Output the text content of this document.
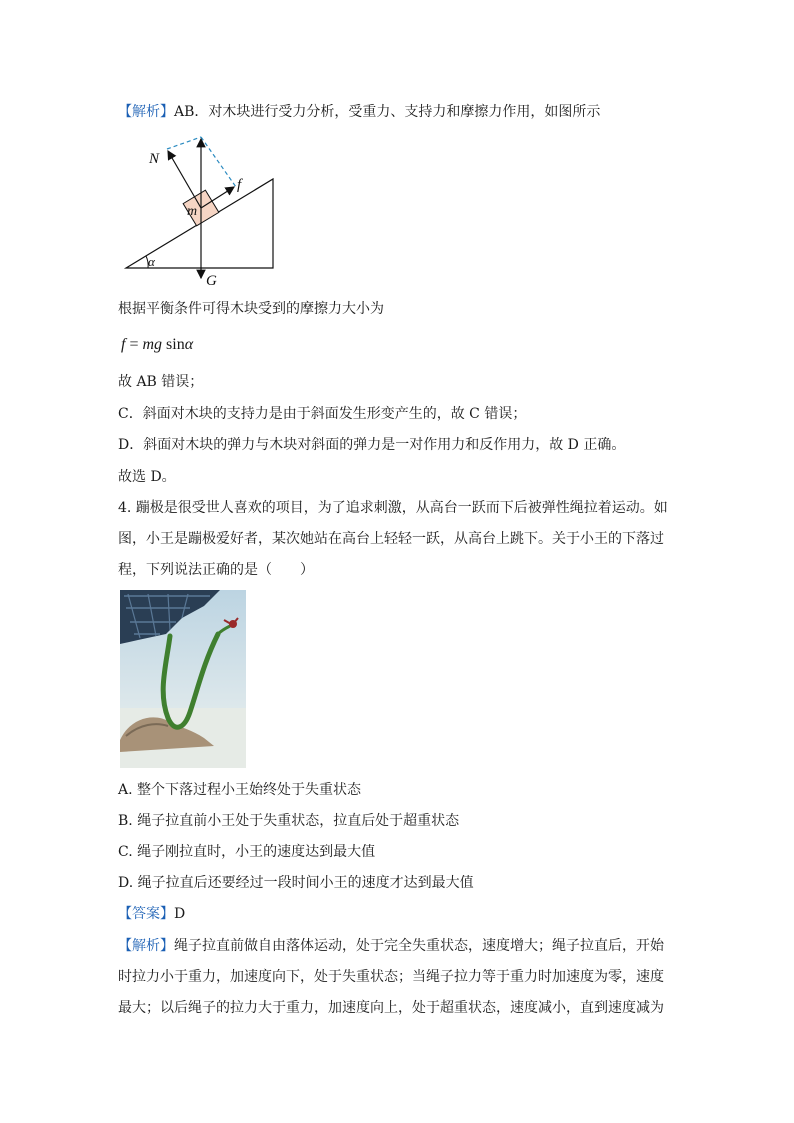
【解析】AB．对木块进行受力分析，受重力、支持力和摩擦力作用，如图所示
N
f
m
α
G
根据平衡条件可得木块受到的摩擦力大小为
f = mg sinα
故 AB 错误；
C．斜面对木块的支持力是由于斜面发生形变产生的，故 C 错误；
D．斜面对木块的弹力与木块对斜面的弹力是一对作用力和反作用力，故 D 正确。
故选 D。
4. 蹦极是很受世人喜欢的项目，为了追求刺激，从高台一跃而下后被弹性绳拉着运动。如
图，小王是蹦极爱好者，某次她站在高台上轻轻一跃，从高台上跳下。关于小王的下落过
程，下列说法正确的是（　　）
A. 整个下落过程小王始终处于失重状态
B. 绳子拉直前小王处于失重状态，拉直后处于超重状态
C. 绳子刚拉直时，小王的速度达到最大值
D. 绳子拉直后还要经过一段时间小王的速度才达到最大值
【答案】D
【解析】绳子拉直前做自由落体运动，处于完全失重状态，速度增大；绳子拉直后，开始
时拉力小于重力，加速度向下，处于失重状态；当绳子拉力等于重力时加速度为零，速度
最大；以后绳子的拉力大于重力，加速度向上，处于超重状态，速度减小，直到速度减为
